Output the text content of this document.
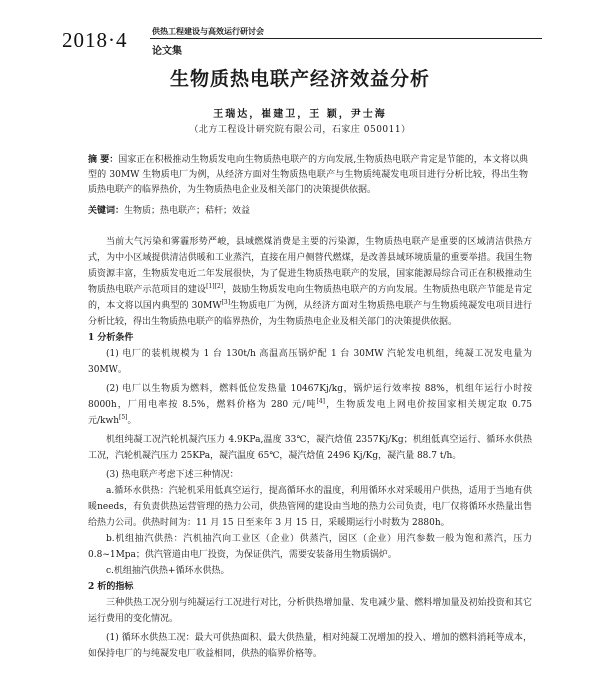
2018·4	供热工程建设与高效运行研讨会
论文集
生物质热电联产经济效益分析
王瑞达，崔建卫，王 颖，尹士海
（北方工程设计研究院有限公司，石家庄 050011）
摘 要：国家正在积极推动生物质发电向生物质热电联产的方向发展,生物质热电联产肯定是节能的，本文将以典型的 30MW 生物质电厂为例，从经济方面对生物质热电联产与生物质纯凝发电项目进行分析比较，得出生物质热电联产的临界热价，为生物质热电企业及相关部门的决策提供依据。
关键词：生物质；热电联产；秸杆；效益

当前大气污染和雾霾形势严峻，县域燃煤消费是主要的污染源，生物质热电联产是重要的区域清洁供热方式，为中小区域提供清洁供暖和工业蒸汽，直接在用户侧替代燃煤，是改善县域环境质量的重要举措。我国生物质资源丰富，生物质发电近二年发展很快，为了促进生物质热电联产的发展，国家能源局综合司正在积极推动生物质热电联产示范项目的建设[1][2]，鼓励生物质发电向生物质热电联产的方向发展。生物质热电联产节能是肯定的，本文将以国内典型的 30MW[3]生物质电厂为例，从经济方面对生物质热电联产与生物质纯凝发电项目进行分析比较，得出生物质热电联产的临界热价，为生物质热电企业及相关部门的决策提供依据。

1 分析条件

(1) 电厂的装机规模为 1 台 130t/h 高温高压锅炉配 1 台 30MW 汽轮发电机组，纯凝工况发电量为 30MW。

(2) 电厂以生物质为燃料，燃料低位发热量 10467Kj/kg，锅炉运行效率按 88%，机组年运行小时按 8000h，厂用电率按 8.5%，燃料价格为 280 元/吨[4]，生物质发电上网电价按国家相关规定取 0.75 元/kwh[5]。

机组纯凝工况汽轮机凝汽压力 4.9KPa,温度 33℃，凝汽焓值 2357Kj/Kg；机组低真空运行、循环水供热工况，汽轮机凝汽压力 25KPa，凝汽温度 65℃，凝汽焓值 2496 Kj/Kg，凝汽量 88.7 t/h。

(3) 热电联产考虑下述三种情况：

a.循环水供热：汽轮机采用低真空运行，提高循环水的温度，利用循环水对采暖用户供热，适用于当地有供暖needs，有负责供热运营管理的热力公司，供热管网的建设由当地的热力公司负责，电厂仅将循环水热量出售给热力公司。供热时间为：11 月 15 日至来年 3 月 15 日，采暖期运行小时数为 2880h。

b.机组抽汽供热：汽机抽汽向工业区（企业）供蒸汽，园区（企业）用汽参数一般为饱和蒸汽，压力 0.8~1Mpa；供汽管道由电厂投资，为保证供汽，需要安装备用生物质锅炉。

c.机组抽汽供热+循环水供热。

2 析的指标

三种供热工况分别与纯凝运行工况进行对比，分析供热增加量、发电减少量、燃料增加量及初始投资和其它运行费用的变化情况。

(1) 循环水供热工况：最大可供热面积、最大供热量，相对纯凝工况增加的投入、增加的燃料消耗等成本，如保持电厂的与纯凝发电厂收益相同，供热的临界价格等。
